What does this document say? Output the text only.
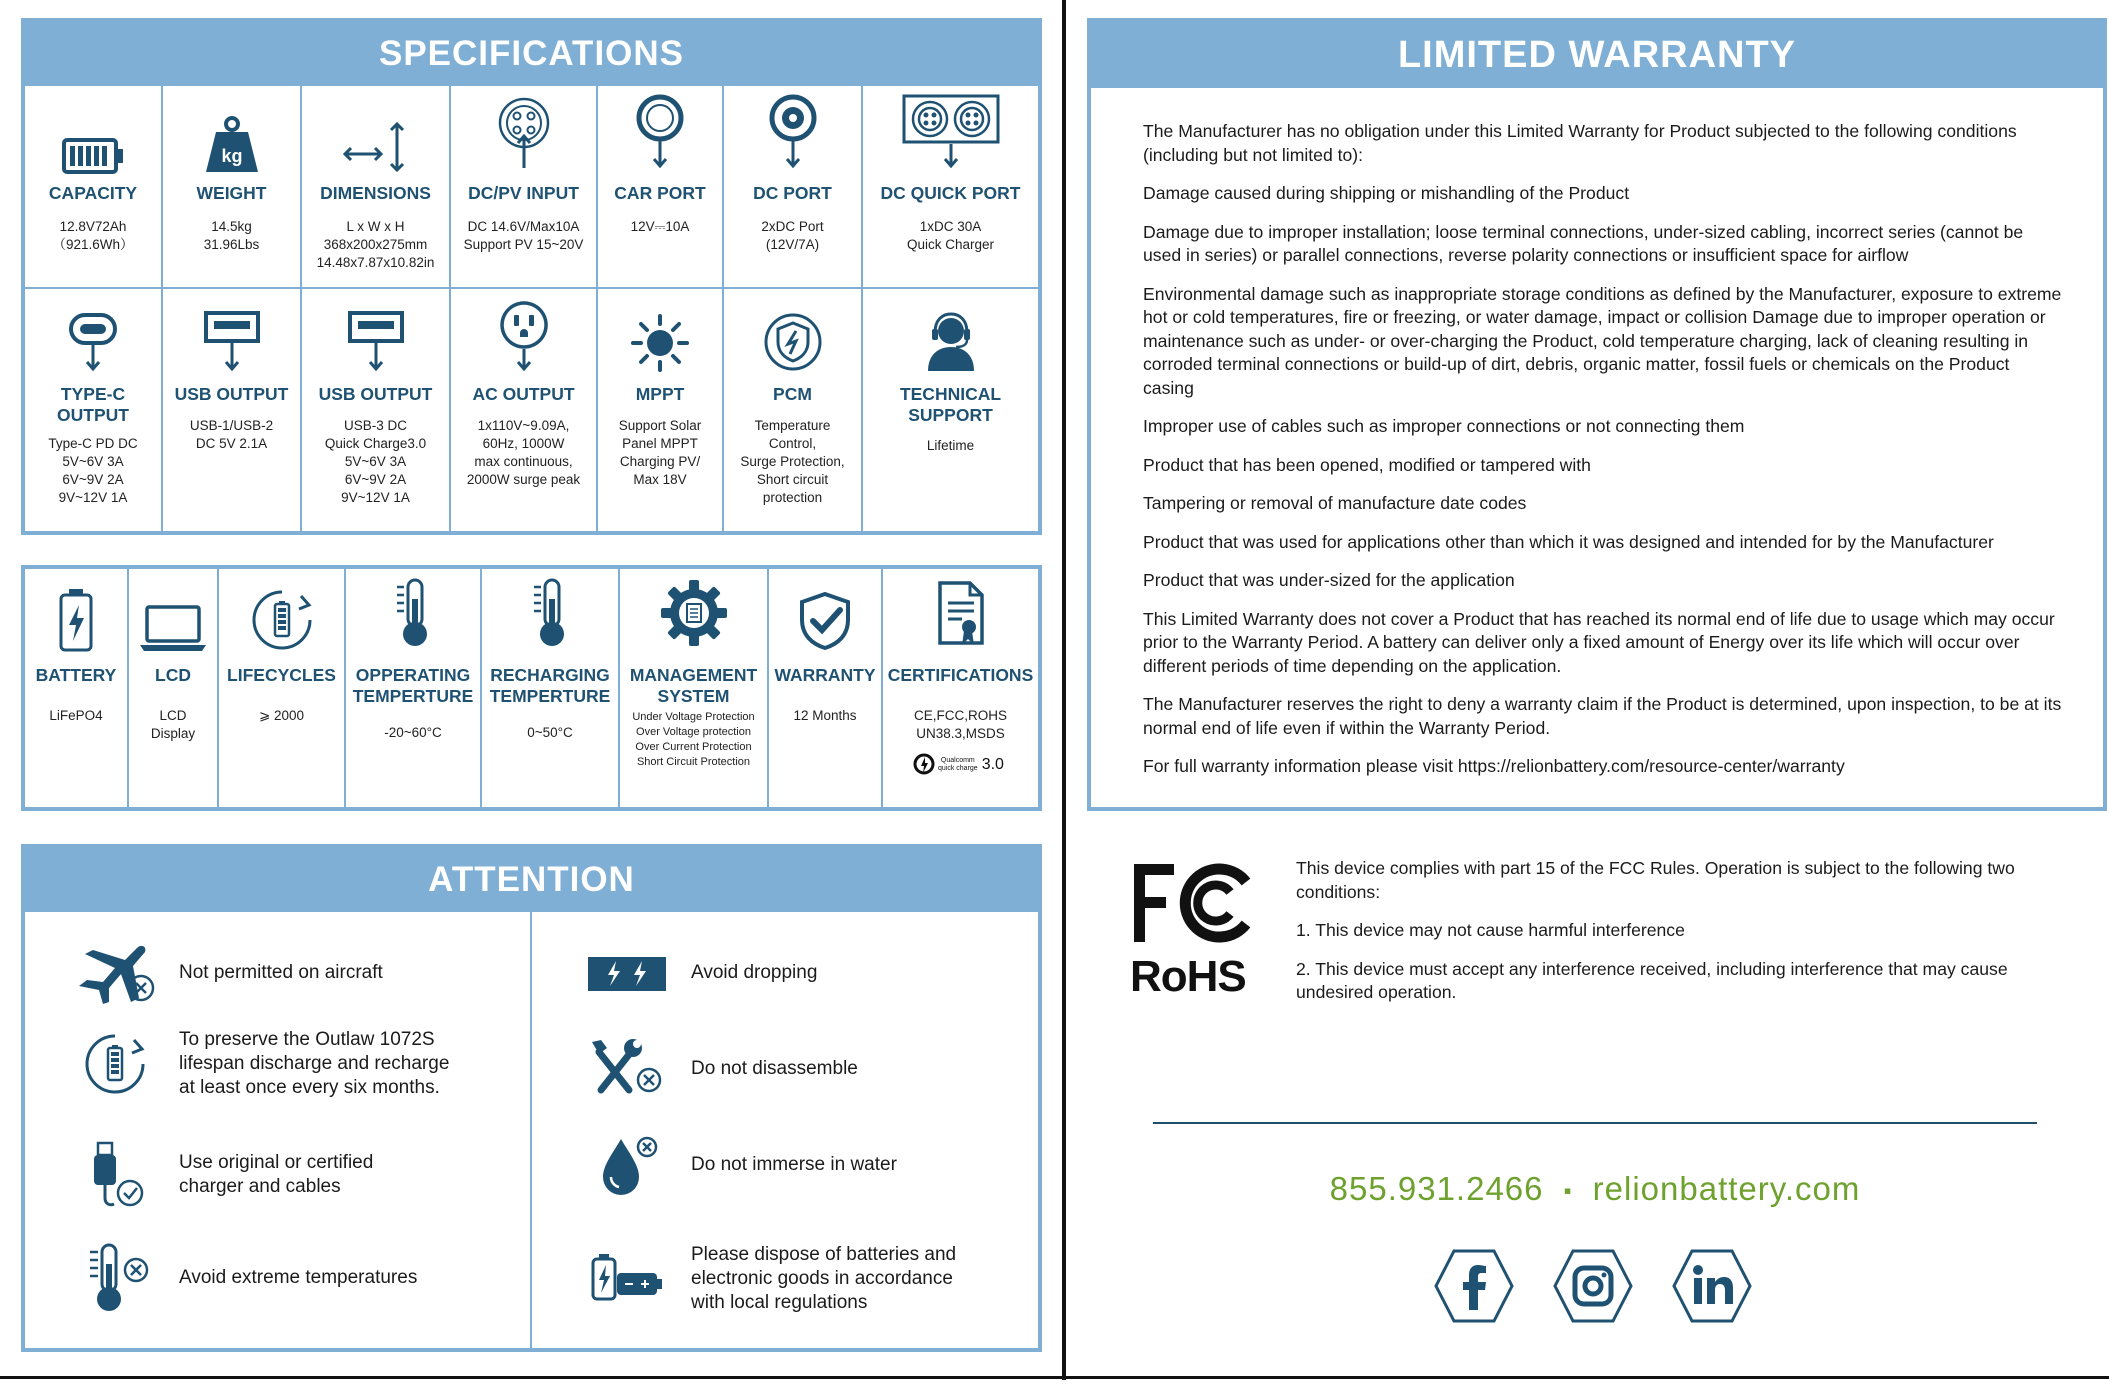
SPECIFICATIONS
CAPACITY
12.8V72Ah
（921.6Wh）
kg
WEIGHT
14.5kg
31.96Lbs
DIMENSIONS
L x W x H
368x200x275mm
14.48x7.87x10.82in
DC/PV INPUT
DC 14.6V/Max10A
Support PV 15~20V
CAR PORT
12V⎓10A
DC PORT
2xDC Port
(12V/7A)
DC QUICK PORT
1xDC 30A
Quick Charger
TYPE-C
OUTPUT
Type-C PD DC
5V~6V 3A
6V~9V 2A
9V~12V 1A
USB OUTPUT
USB-1/USB-2
DC 5V 2.1A
USB OUTPUT
USB-3 DC
Quick Charge3.0
5V~6V 3A
6V~9V 2A
9V~12V 1A
AC OUTPUT
1x110V~9.09A,
60Hz, 1000W
max continuous,
2000W surge peak
MPPT
Support Solar
Panel MPPT
Charging PV/
Max 18V
PCM
Temperature
Control,
Surge Protection,
Short circuit
protection
TECHNICAL
SUPPORT
Lifetime
BATTERY
LiFePO4
LCD
LCD
Display
LIFECYCLES
⩾ 2000
OPPERATING
TEMPERTURE
-20~60°C
RECHARGING
TEMPERTURE
0~50°C
MANAGEMENT
SYSTEM
Under Voltage Protection
Over Voltage protection
Over Current Protection
Short Circuit Protection
WARRANTY
12 Months
CERTIFICATIONS
CE,FCC,ROHS
UN38.3,MSDS
Qualcomm
quick charge 3.0
ATTENTION
Not permitted on aircraft
To preserve the Outlaw 1072S
lifespan discharge and recharge
at least once every six months.
Use original or certified
charger and cables
Avoid extreme temperatures
Avoid dropping
Do not disassemble
Do not immerse in water
Please dispose of batteries and
electronic goods in accordance
with local regulations
LIMITED WARRANTY

The Manufacturer has no obligation under this Limited Warranty for Product subjected to the following conditions (including but not limited to):

Damage caused during shipping or mishandling of the Product

Damage due to improper installation; loose terminal connections, under-sized cabling, incorrect series (cannot be used in series) or parallel connections, reverse polarity connections or insufficient space for airflow

Environmental damage such as inappropriate storage conditions as defined by the Manufacturer, exposure to extreme hot or cold temperatures, fire or freezing, or water damage, impact or collision Damage due to improper operation or maintenance such as under- or over-charging the Product, cold temperature charging, lack of cleaning resulting in corroded terminal connections or build-up of dirt, debris, organic matter, fossil fuels or chemicals on the Product casing

Improper use of cables such as improper connections or not connecting them

Product that has been opened, modified or tampered with

Tampering or removal of manufacture date codes

Product that was used for applications other than which it was designed and intended for by the Manufacturer

Product that was under-sized for the application

This Limited Warranty does not cover a Product that has reached its normal end of life due to usage which may occur prior to the Warranty Period. A battery can deliver only a fixed amount of Energy over its life which will occur over different periods of time depending on the application.

The Manufacturer reserves the right to deny a warranty claim if the Product is determined, upon inspection, to be at its normal end of life even if within the Warranty Period.

For full warranty information please visit https://relionbattery.com/resource-center/warranty

RoHS

This device complies with part 15 of the FCC Rules. Operation is subject to the following two conditions:

1. This device may not cause harmful interference

2. This device must accept any interference received, including interference that may cause undesired operation.

855.931.2466 ▪ relionbattery.com
